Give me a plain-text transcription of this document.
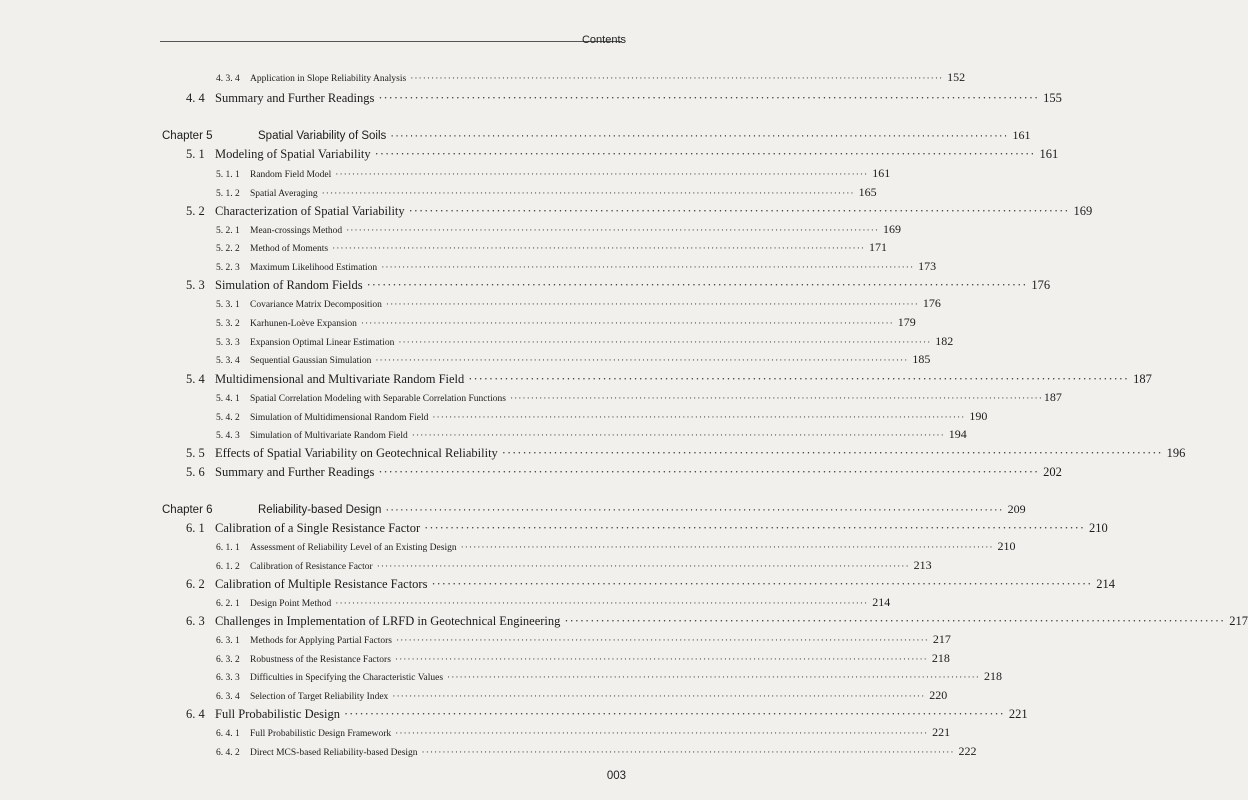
Contents
4. 3. 4	Application in Slope Reliability Analysis ·····	152
4. 4 Summary and Further Readings ·····	155
Chapter 5	Spatial Variability of Soils ·····	161
5. 1 Modeling of Spatial Variability ·····	161
5. 1. 1	Random Field Model ·····	161
5. 1. 2	Spatial Averaging ·····	165
5. 2 Characterization of Spatial Variability ·····	169
5. 2. 1	Mean-crossings Method ·····	169
5. 2. 2	Method of Moments ·····	171
5. 2. 3	Maximum Likelihood Estimation ·····	173
5. 3 Simulation of Random Fields ·····	176
5. 3. 1	Covariance Matrix Decomposition ·····	176
5. 3. 2	Karhunen-Loève Expansion ·····	179
5. 3. 3	Expansion Optimal Linear Estimation ·····	182
5. 3. 4	Sequential Gaussian Simulation ·····	185
5. 4 Multidimensional and Multivariate Random Field ·····	187
5. 4. 1	Spatial Correlation Modeling with Separable Correlation Functions ·····	187
5. 4. 2	Simulation of Multidimensional Random Field ·····	190
5. 4. 3	Simulation of Multivariate Random Field ·····	194
5. 5 Effects of Spatial Variability on Geotechnical Reliability ·····	196
5. 6 Summary and Further Readings ·····	202
Chapter 6	Reliability-based Design ·····	209
6. 1 Calibration of a Single Resistance Factor ·····	210
6. 1. 1	Assessment of Reliability Level of an Existing Design ·····	210
6. 1. 2	Calibration of Resistance Factor ·····	213
6. 2 Calibration of Multiple Resistance Factors ·····	214
6. 2. 1	Design Point Method ·····	214
6. 3 Challenges in Implementation of LRFD in Geotechnical Engineering ·····	217
6. 3. 1	Methods for Applying Partial Factors ·····	217
6. 3. 2	Robustness of the Resistance Factors ·····	218
6. 3. 3	Difficulties in Specifying the Characteristic Values ·····	218
6. 3. 4	Selection of Target Reliability Index ·····	220
6. 4 Full Probabilistic Design ·····	221
6. 4. 1	Full Probabilistic Design Framework ·····	221
6. 4. 2	Direct MCS-based Reliability-based Design ·····	222
003
